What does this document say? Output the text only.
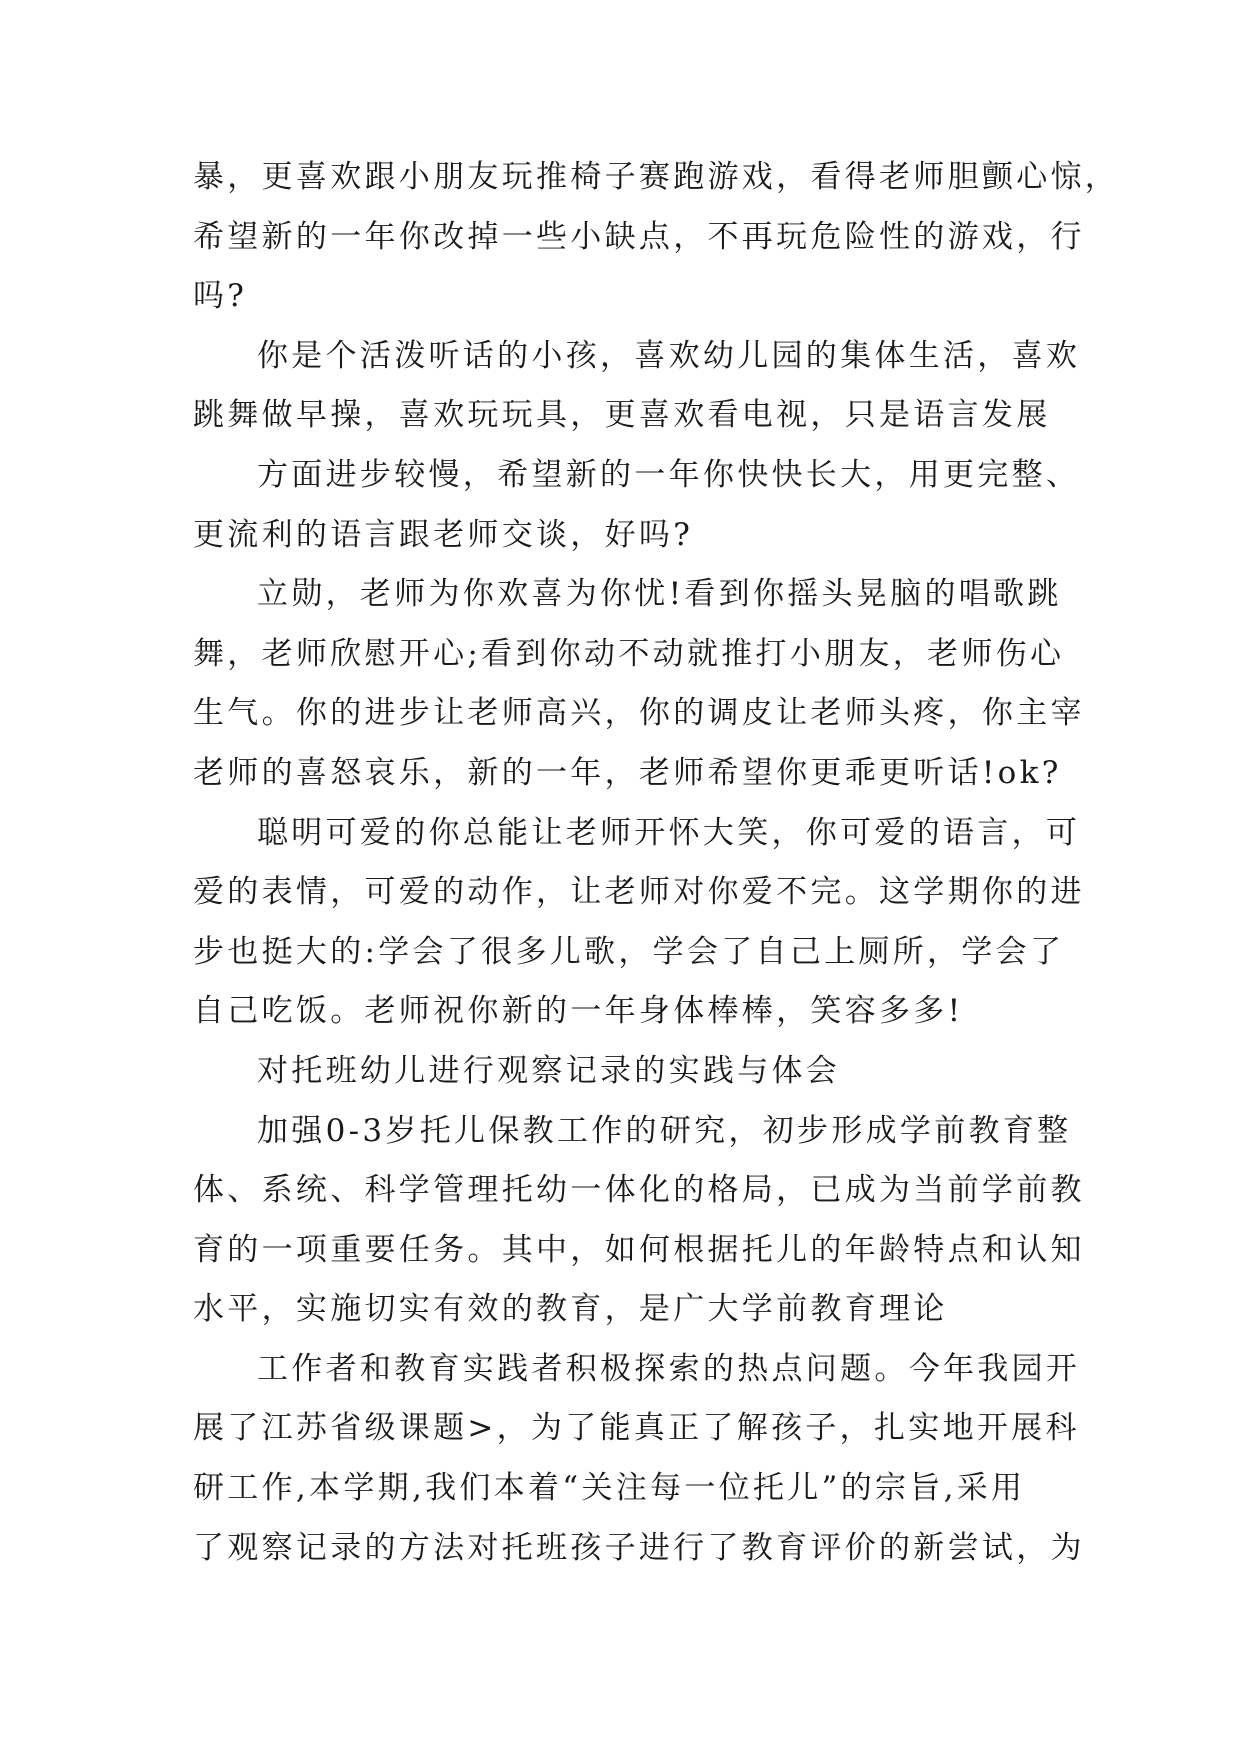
暴，更喜欢跟小朋友玩推椅子赛跑游戏，看得老师胆颤心惊，
希望新的一年你改掉一些小缺点，不再玩危险性的游戏，行
吗?
你是个活泼听话的小孩，喜欢幼儿园的集体生活，喜欢
跳舞做早操，喜欢玩玩具，更喜欢看电视，只是语言发展
方面进步较慢，希望新的一年你快快长大，用更完整、
更流利的语言跟老师交谈，好吗?
立勋，老师为你欢喜为你忧!看到你摇头晃脑的唱歌跳
舞，老师欣慰开心;看到你动不动就推打小朋友，老师伤心
生气。你的进步让老师高兴，你的调皮让老师头疼，你主宰
老师的喜怒哀乐，新的一年，老师希望你更乖更听话!ok?
聪明可爱的你总能让老师开怀大笑，你可爱的语言，可
爱的表情，可爱的动作，让老师对你爱不完。这学期你的进
步也挺大的:学会了很多儿歌，学会了自己上厕所，学会了
自己吃饭。老师祝你新的一年身体棒棒，笑容多多!
对托班幼儿进行观察记录的实践与体会
加强0-3岁托儿保教工作的研究，初步形成学前教育整
体、系统、科学管理托幼一体化的格局，已成为当前学前教
育的一项重要任务。其中，如何根据托儿的年龄特点和认知
水平，实施切实有效的教育，是广大学前教育理论
工作者和教育实践者积极探索的热点问题。今年我园开
展了江苏省级课题>，为了能真正了解孩子，扎实地开展科
研工作,本学期,我们本着“关注每一位托儿”的宗旨,采用
了观察记录的方法对托班孩子进行了教育评价的新尝试，为
